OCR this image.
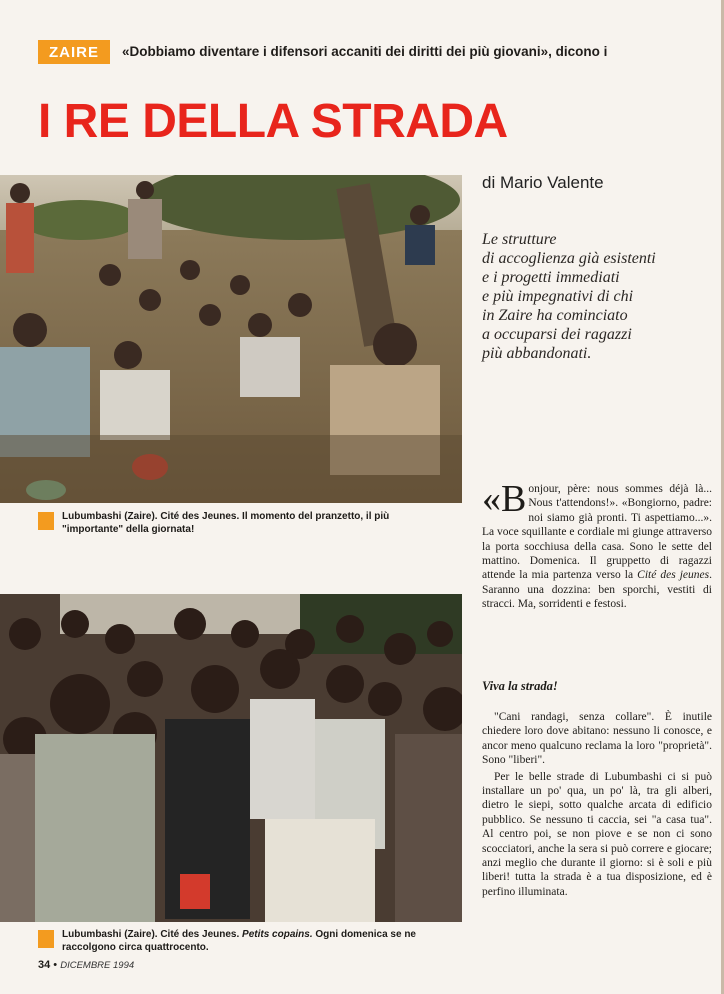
ZAIRE	«Dobbiamo diventare i difensori accaniti dei diritti dei più giovani», dicono i
I RE DELLA STRADA

Lubumbashi (Zaire). Cité des Jeunes. Il momento del pranzetto, il più "importante" della giornata!

Lubumbashi (Zaire). Cité des Jeunes. Petits copains. Ogni domenica se ne raccolgono circa quattrocento.

di Mario Valente
Le strutture
di accoglienza già esistenti
e i progetti immediati
e più impegnativi di chi
in Zaire ha cominciato
a occuparsi dei ragazzi
più abbandonati.
«Bonjour, père: nous sommes déjà là... Nous t'attendons!». «Bongiorno, padre: noi siamo già pronti. Ti aspettiamo...». La voce squillante e cordiale mi giunge attraverso la porta socchiusa della casa. Sono le sette del mattino. Domenica. Il gruppetto di ragazzi attende la mia partenza verso la Cité des jeunes. Saranno una dozzina: ben sporchi, vestiti di stracci. Ma, sorridenti e festosi.
Viva la strada!

"Cani randagi, senza collare". È inutile chiedere loro dove abitano: nessuno li conosce, e ancor meno qualcuno reclama la loro "proprietà". Sono "liberi".

Per le belle strade di Lubumbashi ci si può installare un po' qua, un po' là, tra gli alberi, dietro le siepi, sotto qualche arcata di edificio pubblico. Se nessuno ti caccia, sei "a casa tua". Al centro poi, se non piove e se non ci sono scocciatori, anche la sera si può correre e giocare; anzi meglio che durante il giorno: si è soli e più liberi! tutta la strada è a tua disposizione, ed è perfino illuminata.

34 • DICEMBRE 1994
